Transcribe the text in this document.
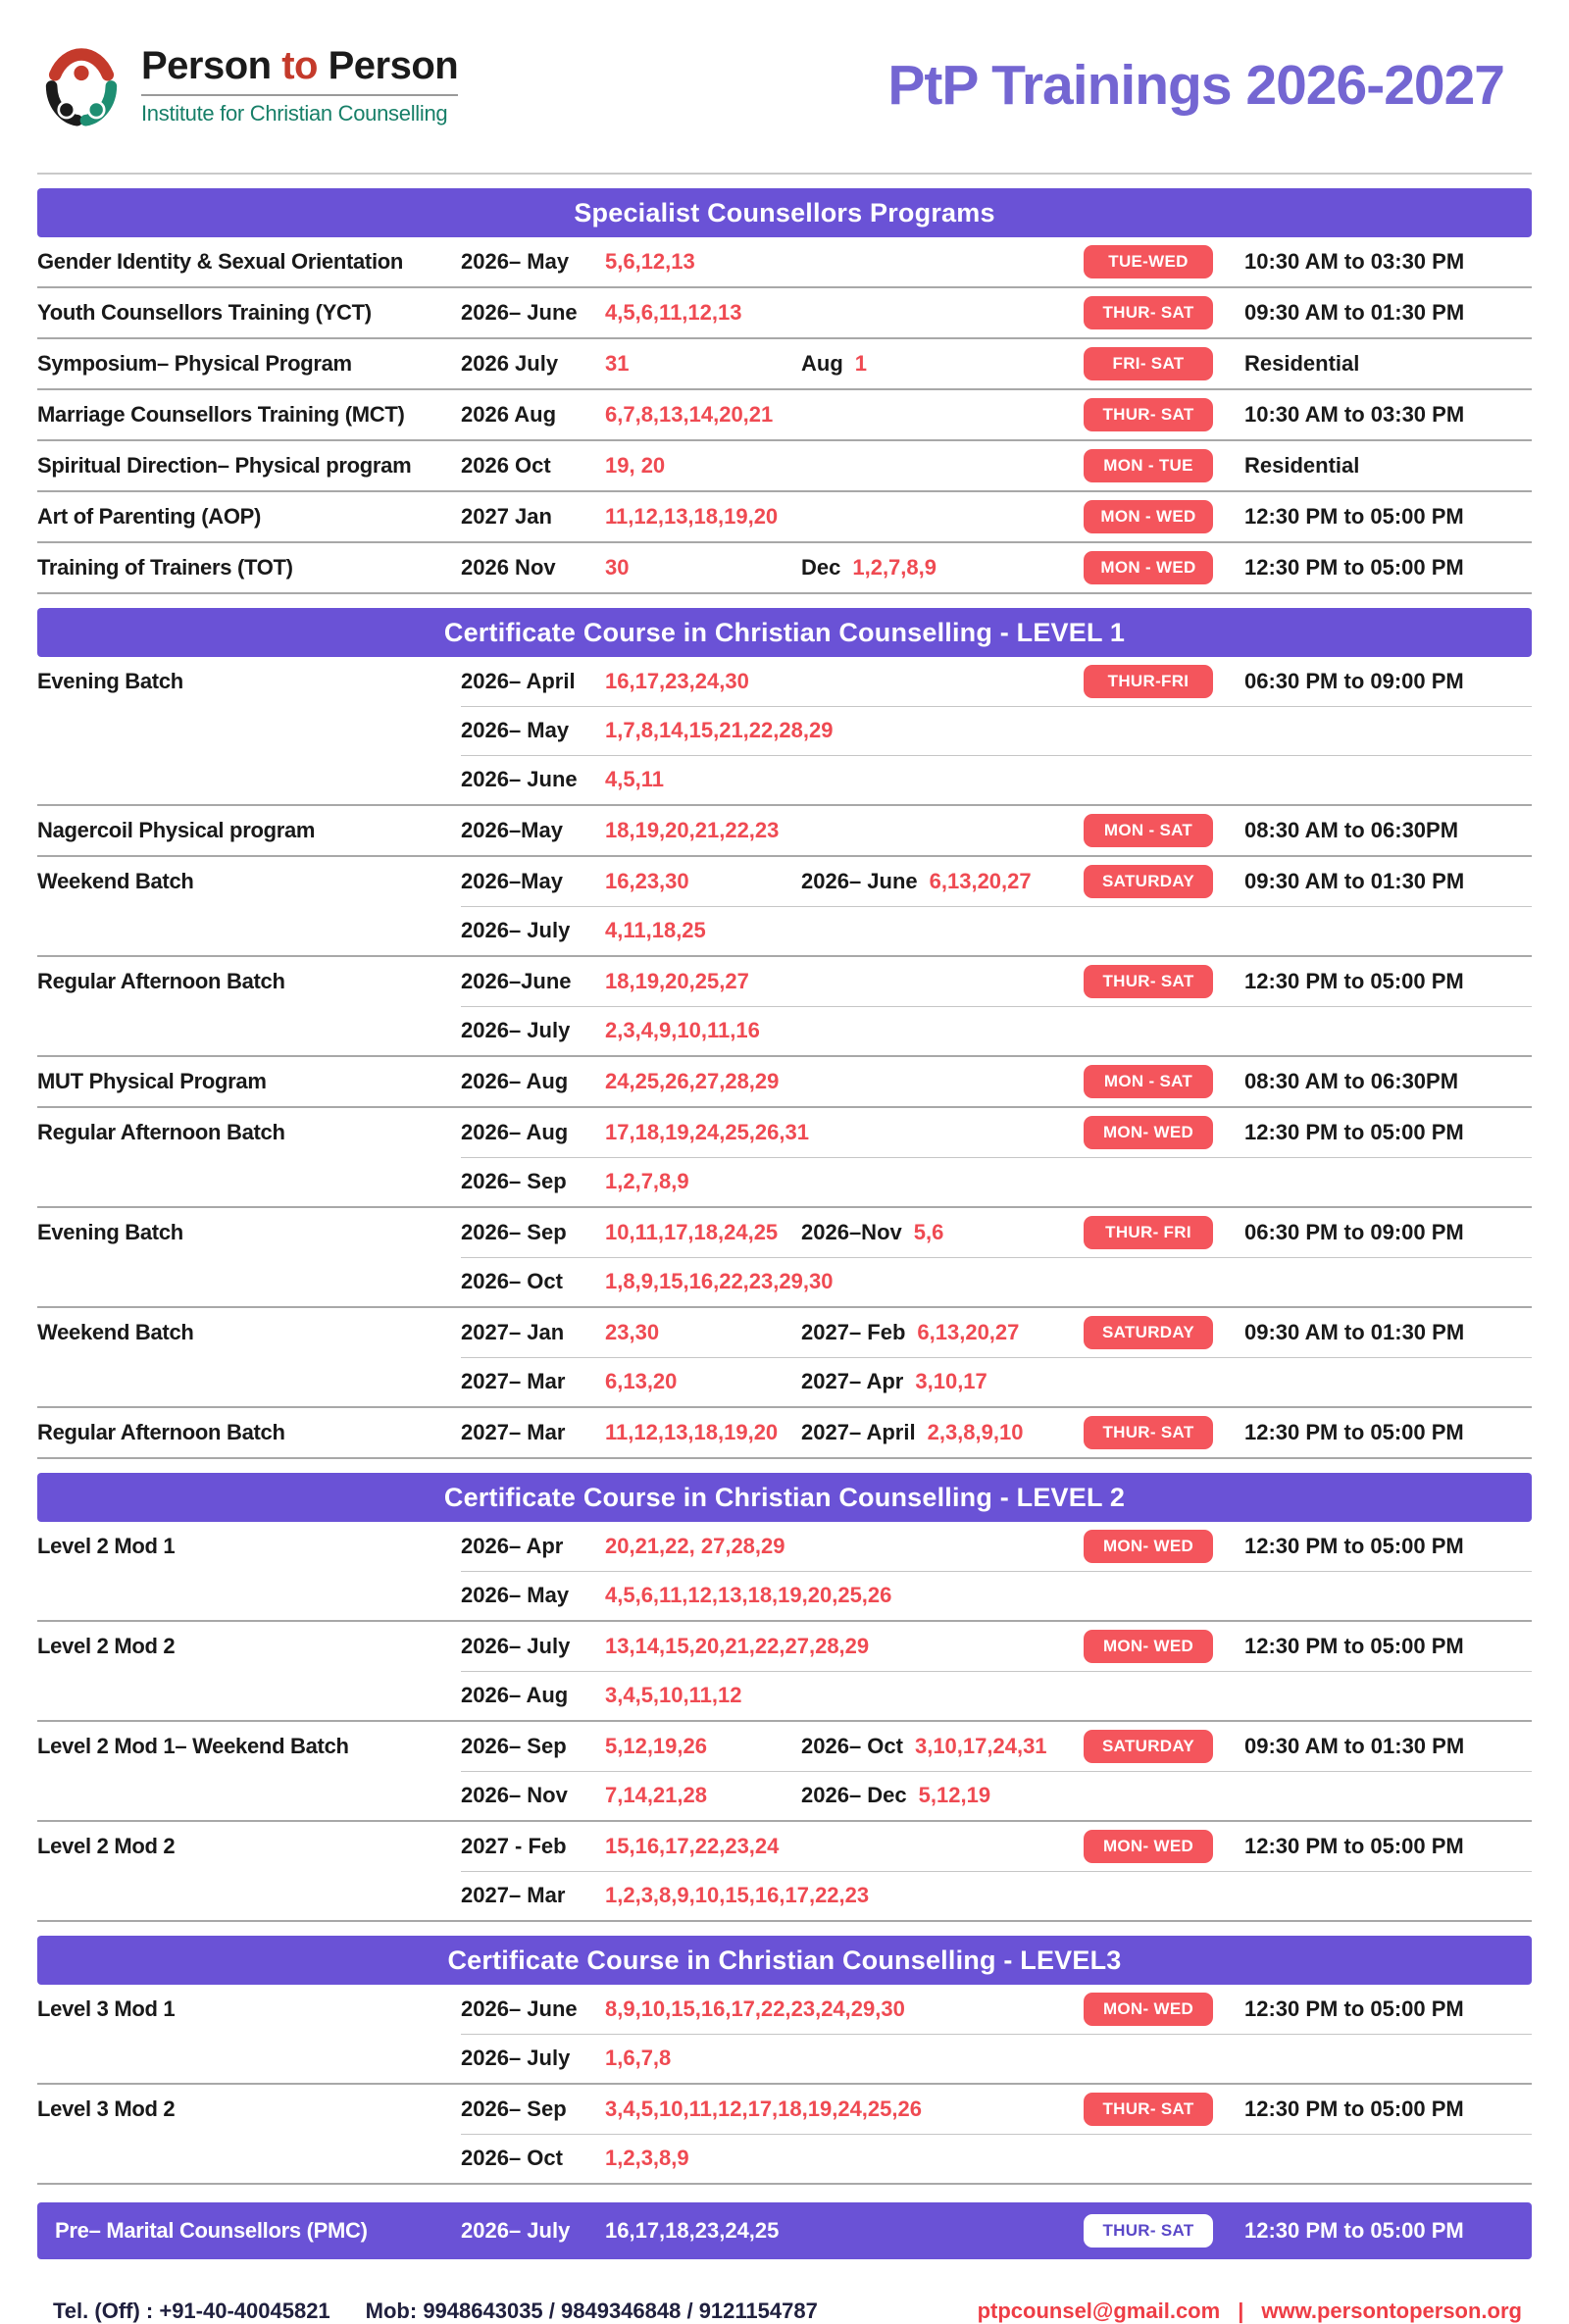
Person to Person
Institute for Christian Counselling	PtP Trainings 2026-2027
Specialist Counsellors Programs
Gender Identity & Sexual Orientation	2026– May	5,6,12,13	TUE-WED	10:30 AM to 03:30 PM
Youth Counsellors Training (YCT)	2026– June	4,5,6,11,12,13	THUR- SAT	09:30 AM to 01:30 PM
Symposium– Physical Program	2026 July	31	Aug 1	FRI- SAT	Residential
Marriage Counsellors Training (MCT)	2026 Aug	6,7,8,13,14,20,21	THUR- SAT	10:30 AM to 03:30 PM
Spiritual Direction– Physical program	2026 Oct	19, 20	MON - TUE	Residential
Art of Parenting (AOP)	2027 Jan	11,12,13,18,19,20	MON - WED	12:30 PM to 05:00 PM
Training of Trainers (TOT)	2026 Nov	30	Dec 1,2,7,8,9	MON - WED	12:30 PM to 05:00 PM
Certificate Course in Christian Counselling - LEVEL 1
Evening Batch	2026– April	16,17,23,24,30	THUR-FRI	06:30 PM to 09:00 PM
2026– May	1,7,8,14,15,21,22,28,29
2026– June	4,5,11
Nagercoil Physical program	2026–May	18,19,20,21,22,23	MON - SAT	08:30 AM to 06:30PM
Weekend Batch	2026–May	16,23,30	2026– June 6,13,20,27	SATURDAY	09:30 AM to 01:30 PM
2026– July	4,11,18,25
Regular Afternoon Batch	2026–June	18,19,20,25,27	THUR- SAT	12:30 PM to 05:00 PM
2026– July	2,3,4,9,10,11,16
MUT Physical Program	2026– Aug	24,25,26,27,28,29	MON - SAT	08:30 AM to 06:30PM
Regular Afternoon Batch	2026– Aug	17,18,19,24,25,26,31	MON- WED	12:30 PM to 05:00 PM
2026– Sep	1,2,7,8,9
Evening Batch	2026– Sep	10,11,17,18,24,25	2026–Nov 5,6	THUR- FRI	06:30 PM to 09:00 PM
2026– Oct	1,8,9,15,16,22,23,29,30
Weekend Batch	2027– Jan	23,30	2027– Feb 6,13,20,27	SATURDAY	09:30 AM to 01:30 PM
2027– Mar	6,13,20	2027– Apr 3,10,17
Regular Afternoon Batch	2027– Mar	11,12,13,18,19,20	2027– April 2,3,8,9,10	THUR- SAT	12:30 PM to 05:00 PM
Certificate Course in Christian Counselling - LEVEL 2
Level 2 Mod 1	2026– Apr	20,21,22, 27,28,29	MON- WED	12:30 PM to 05:00 PM
2026– May	4,5,6,11,12,13,18,19,20,25,26
Level 2 Mod 2	2026– July	13,14,15,20,21,22,27,28,29	MON- WED	12:30 PM to 05:00 PM
2026– Aug	3,4,5,10,11,12
Level 2 Mod 1– Weekend Batch	2026– Sep	5,12,19,26	2026– Oct 3,10,17,24,31	SATURDAY	09:30 AM to 01:30 PM
2026– Nov	7,14,21,28	2026– Dec 5,12,19
Level 2 Mod 2	2027 - Feb	15,16,17,22,23,24	MON- WED	12:30 PM to 05:00 PM
2027– Mar	1,2,3,8,9,10,15,16,17,22,23
Certificate Course in Christian Counselling - LEVEL3
Level 3 Mod 1	2026– June	8,9,10,15,16,17,22,23,24,29,30	MON- WED	12:30 PM to 05:00 PM
2026– July	1,6,7,8
Level 3 Mod 2	2026– Sep	3,4,5,10,11,12,17,18,19,24,25,26	THUR- SAT	12:30 PM to 05:00 PM
2026– Oct	1,2,3,8,9
Pre– Marital Counsellors (PMC)	2026– July	16,17,18,23,24,25	THUR- SAT	12:30 PM to 05:00 PM
Tel. (Off) : +91-40-40045821 Mob: 9948643035 / 9849346848 / 9121154787	ptpcounsel@gmail.com | www.persontoperson.org
